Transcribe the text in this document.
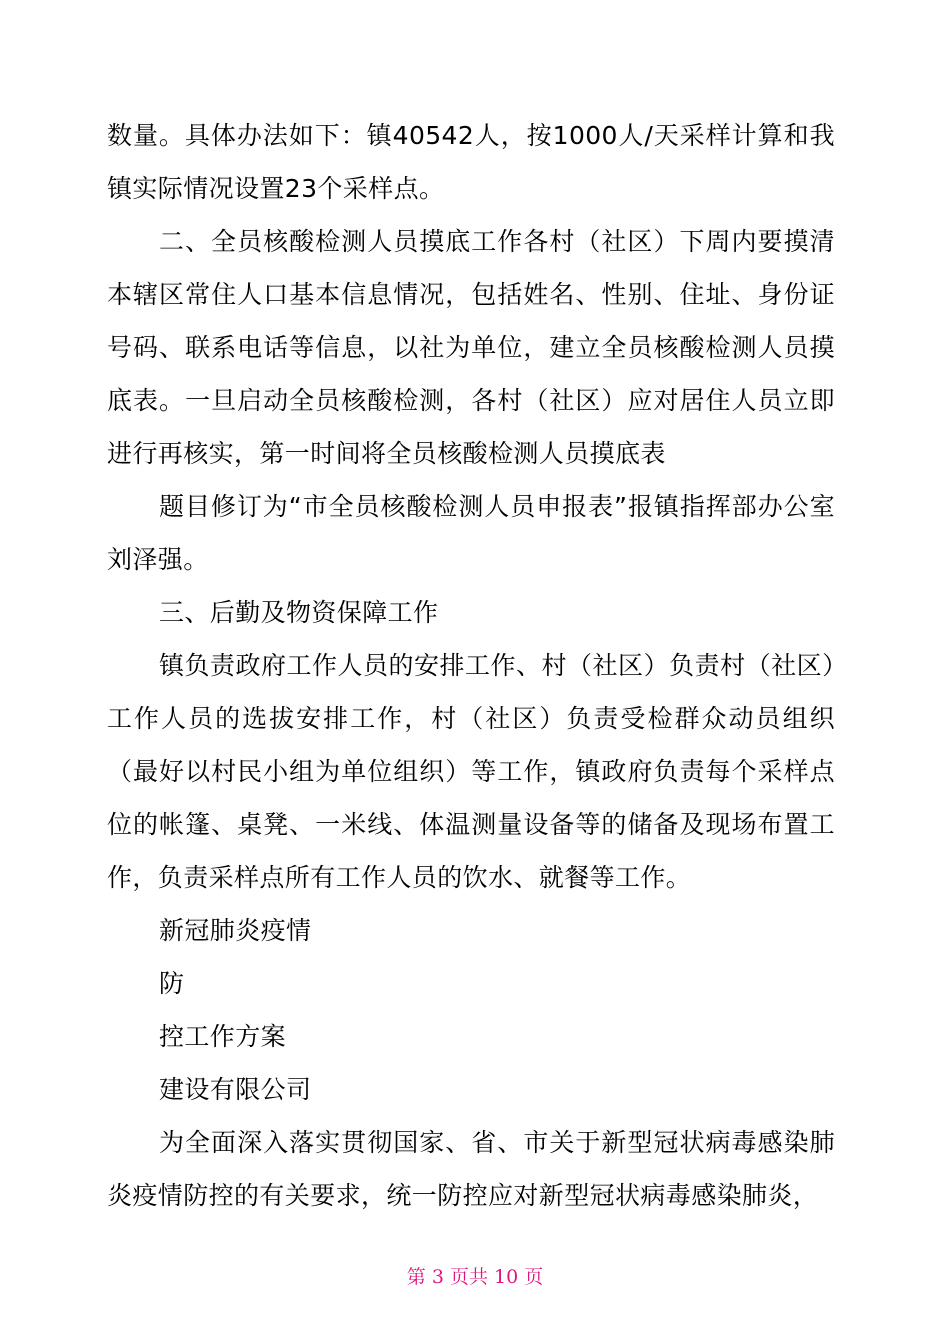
数量。具体办法如下：镇40542人，按1000人/天采样计算和我镇实际情况设置23个采样点。

二、全员核酸检测人员摸底工作各村（社区）下周内要摸清本辖区常住人口基本信息情况，包括姓名、性别、住址、身份证号码、联系电话等信息，以社为单位，建立全员核酸检测人员摸底表。一旦启动全员核酸检测，各村（社区）应对居住人员立即进行再核实，第一时间将全员核酸检测人员摸底表

题目修订为“市全员核酸检测人员申报表”报镇指挥部办公室刘泽强。

三、后勤及物资保障工作

镇负责政府工作人员的安排工作、村（社区）负责村（社区）工作人员的选拔安排工作，村（社区）负责受检群众动员组织（最好以村民小组为单位组织）等工作，镇政府负责每个采样点位的帐篷、桌凳、一米线、体温测量设备等的储备及现场布置工作，负责采样点所有工作人员的饮水、就餐等工作。

新冠肺炎疫情

防

控工作方案

建设有限公司

为全面深入落实贯彻国家、省、市关于新型冠状病毒感染肺炎疫情防控的有关要求，统一防控应对新型冠状病毒感染肺炎，

第 3 页共 10 页
